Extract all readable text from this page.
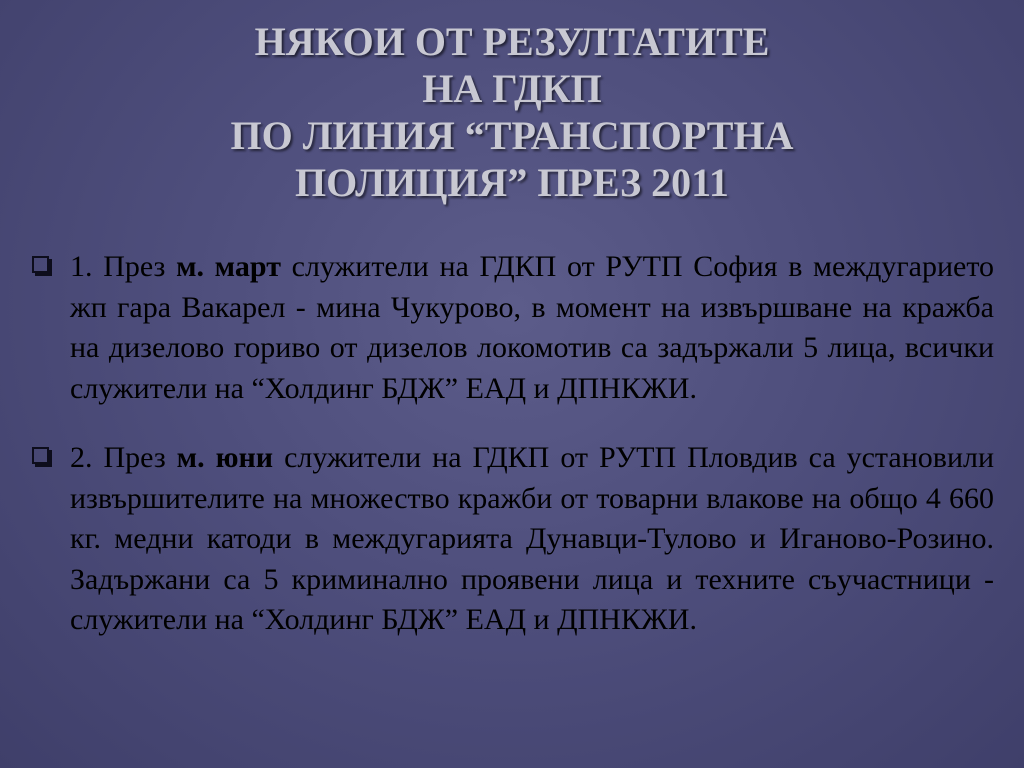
НЯКОИ ОТ РЕЗУЛТАТИТЕ
НА ГДКП
ПО ЛИНИЯ “ТРАНСПОРТНА
ПОЛИЦИЯ” ПРЕЗ 2011
1. През м. март служители на ГДКП от РУТП София в междугарието жп гара Вакарел - мина Чукурово, в момент на извършване на кражба на дизелово гориво от дизелов локомотив са задържали 5 лица, всички служители на “Холдинг БДЖ” ЕАД и ДПНКЖИ.
2. През м. юни служители на ГДКП от РУТП Пловдив са установили извършителите на множество кражби от товарни влакове на общо 4 660 кг. медни катоди в междугарията Дунавци-Тулово и Игановo-Розино. Задържани са 5 криминално проявени лица и техните съучастници - служители на “Холдинг БДЖ” ЕАД и ДПНКЖИ.
